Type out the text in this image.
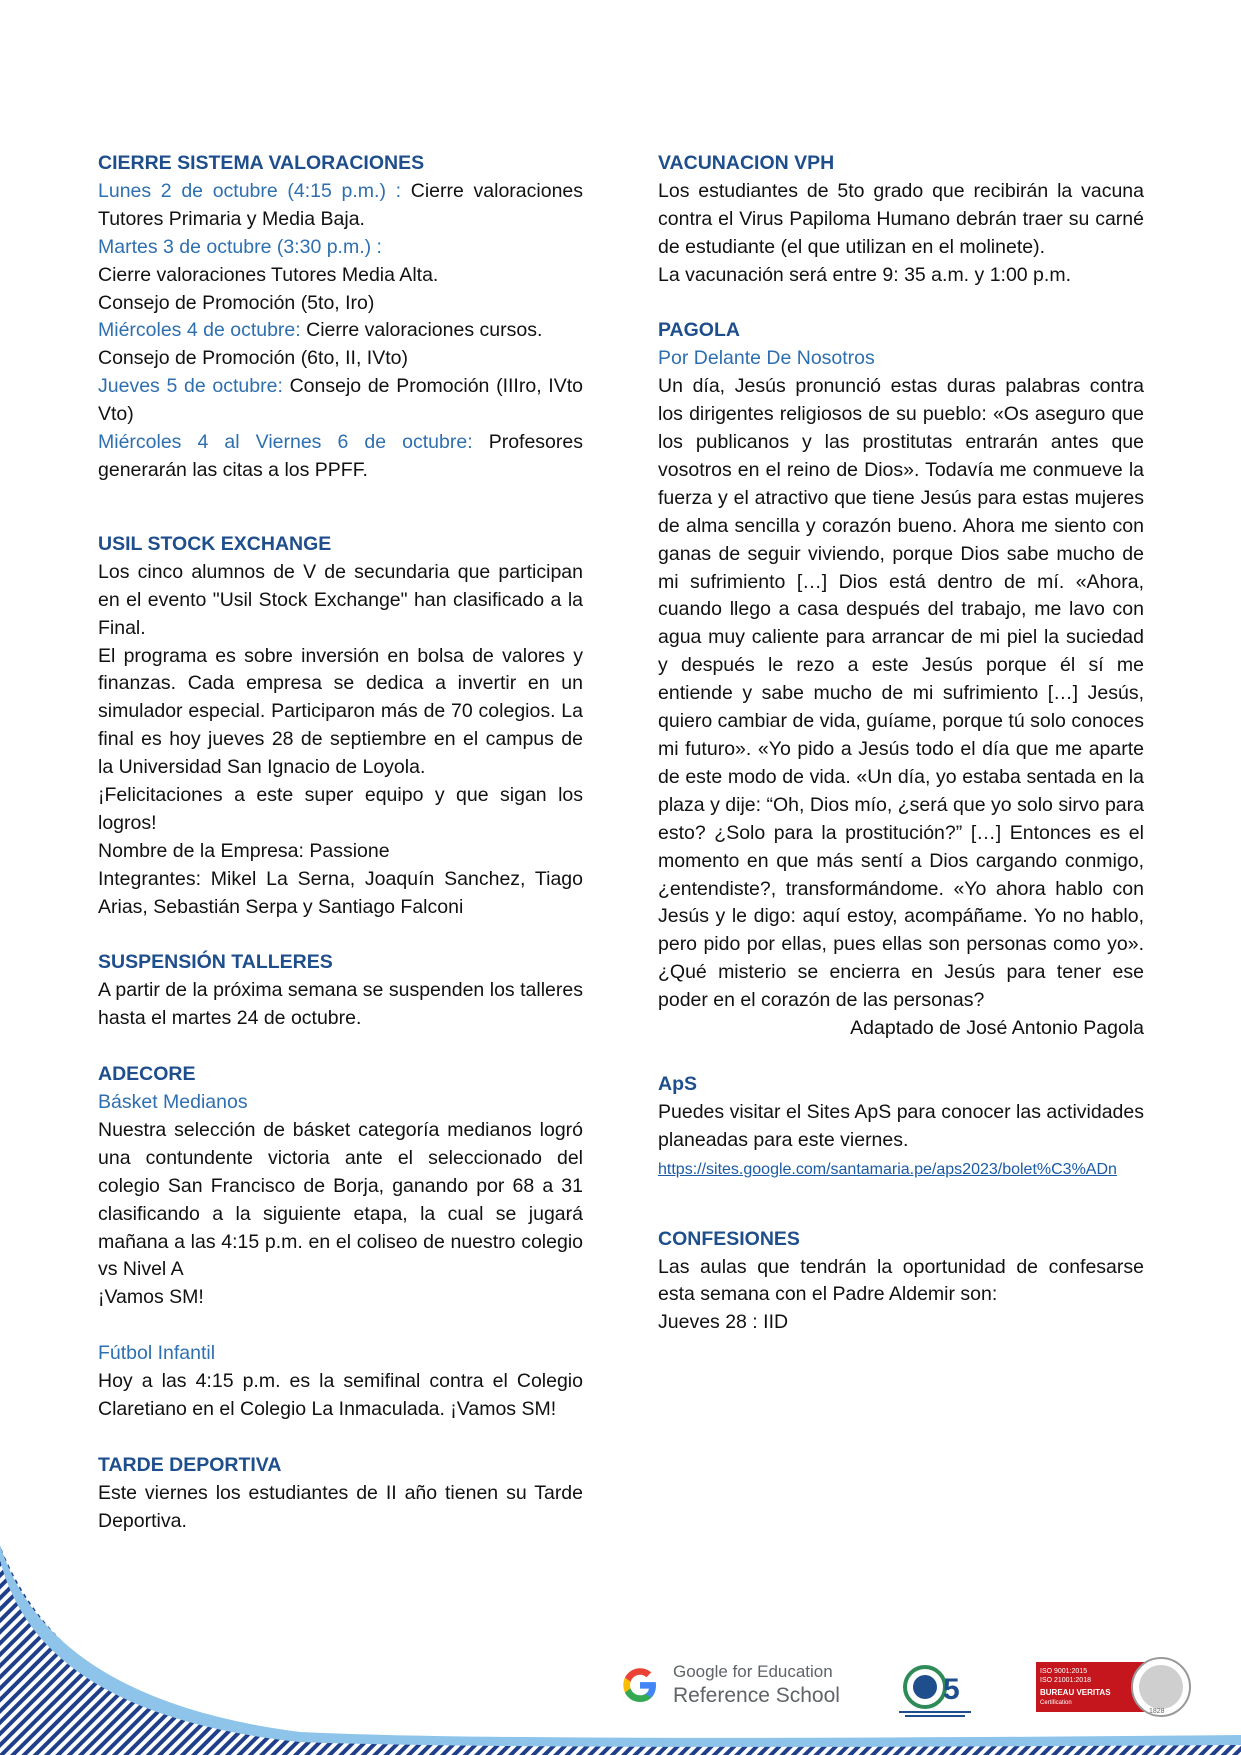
CIERRE SISTEMA VALORACIONES

Lunes 2 de octubre (4:15 p.m.) : Cierre valoraciones Tutores Primaria y Media Baja.

Martes 3 de octubre (3:30 p.m.) :

Cierre valoraciones Tutores Media Alta.

Consejo de Promoción (5to, Iro)

Miércoles 4 de octubre: Cierre valoraciones cursos.

Consejo de Promoción (6to, II, IVto)

Jueves 5 de octubre: Consejo de Promoción (IIIro, IVto Vto)

Miércoles 4 al Viernes 6 de octubre: Profesores generarán las citas a los PPFF.

USIL STOCK EXCHANGE

Los cinco alumnos de V de secundaria que participan en el evento "Usil Stock Exchange" han clasificado a la Final.

El programa es sobre inversión en bolsa de valores y finanzas. Cada empresa se dedica a invertir en un simulador especial. Participaron más de 70 colegios. La final es hoy jueves 28 de septiembre en el campus de la Universidad San Ignacio de Loyola.

¡Felicitaciones a este super equipo y que sigan los logros!

Nombre de la Empresa: Passione

Integrantes: Mikel La Serna, Joaquín Sanchez, Tiago Arias, Sebastián Serpa y Santiago Falconi

SUSPENSIÓN TALLERES

A partir de la próxima semana se suspenden los talleres hasta el martes 24 de octubre.

ADECORE
Básket Medianos

Nuestra selección de básket categoría medianos logró una contundente victoria ante el seleccionado del colegio San Francisco de Borja, ganando por 68 a 31 clasificando a la siguiente etapa, la cual se jugará mañana a las 4:15 p.m. en el coliseo de nuestro colegio vs Nivel A

¡Vamos SM!

Fútbol Infantil

Hoy a las 4:15 p.m. es la semifinal contra el Colegio Claretiano en el Colegio La Inmaculada. ¡Vamos SM!

TARDE DEPORTIVA

Este viernes los estudiantes de II año tienen su Tarde Deportiva.

VACUNACION VPH

Los estudiantes de 5to grado que recibirán la vacuna contra el Virus Papiloma Humano debrán traer su carné de estudiante (el que utilizan en el molinete).

La vacunación será entre 9: 35 a.m. y 1:00 p.m.

PAGOLA
Por Delante De Nosotros

Un día, Jesús pronunció estas duras palabras contra los dirigentes religiosos de su pueblo: «Os aseguro que los publicanos y las prostitutas entrarán antes que vosotros en el reino de Dios». Todavía me conmueve la fuerza y el atractivo que tiene Jesús para estas mujeres de alma sencilla y corazón bueno. Ahora me siento con ganas de seguir viviendo, porque Dios sabe mucho de mi sufrimiento […] Dios está dentro de mí. «Ahora, cuando llego a casa después del trabajo, me lavo con agua muy caliente para arrancar de mi piel la suciedad y después le rezo a este Jesús porque él sí me entiende y sabe mucho de mi sufrimiento […] Jesús, quiero cambiar de vida, guíame, porque tú solo conoces mi futuro». «Yo pido a Jesús todo el día que me aparte de este modo de vida. «Un día, yo estaba sentada en la plaza y dije: “Oh, Dios mío, ¿será que yo solo sirvo para esto? ¿Solo para la prostitución?” […] Entonces es el momento en que más sentí a Dios cargando conmigo, ¿entendiste?, transformándome. «Yo ahora hablo con Jesús y le digo: aquí estoy, acompáñame. Yo no hablo, pero pido por ellas, pues ellas son personas como yo». ¿Qué misterio se encierra en Jesús para tener ese poder en el corazón de las personas?

Adaptado de José Antonio Pagola

ApS

Puedes visitar el Sites ApS para conocer las actividades planeadas para este viernes.

https://sites.google.com/santamaria.pe/aps2023/bolet%C3%ADn
CONFESIONES

Las aulas que tendrán la oportunidad de confesarse esta semana con el Padre Aldemir son:

Jueves 28 : IID

Google for Education
Reference School	5
ISO 9001:2015
ISO 21001:2018
BUREAU VERITAS
Certification
1828
